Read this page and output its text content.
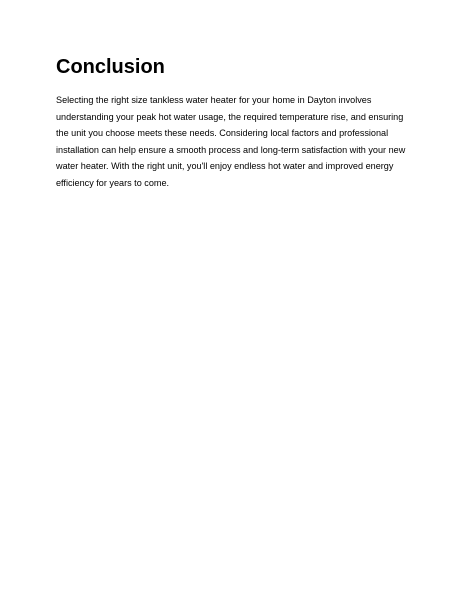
Conclusion

Selecting the right size tankless water heater for your home in Dayton involves
understanding your peak hot water usage, the required temperature rise, and ensuring
the unit you choose meets these needs. Considering local factors and professional
installation can help ensure a smooth process and long-term satisfaction with your new
water heater. With the right unit, you'll enjoy endless hot water and improved energy
efficiency for years to come.
